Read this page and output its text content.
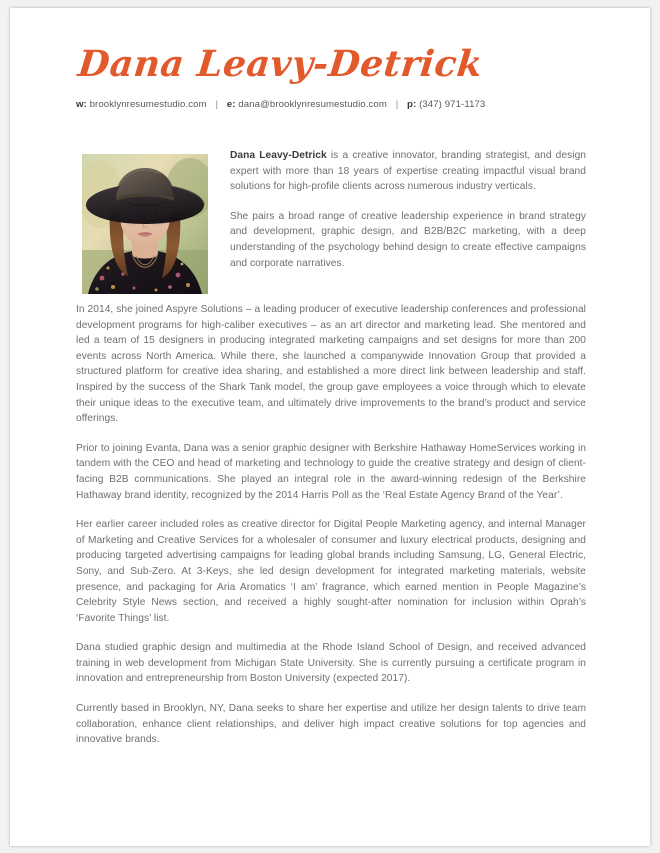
Dana Leavy-Detrick
w: brooklynresumestudio.com | e: dana@brooklynresumestudio.com | p: (347) 971-1173

Dana Leavy-Detrick is a creative innovator, branding strategist, and design expert with more than 18 years of expertise creating impactful visual brand solutions for high-profile clients across numerous industry verticals.

She pairs a broad range of creative leadership experience in brand strategy and development, graphic design, and B2B/B2C marketing, with a deep understanding of the psychology behind design to create effective campaigns and corporate narratives.

In 2014, she joined Aspyre Solutions – a leading producer of executive leadership conferences and professional development programs for high-caliber executives – as an art director and marketing lead. She mentored and led a team of 15 designers in producing integrated marketing campaigns and set designs for more than 200 events across North America. While there, she launched a companywide Innovation Group that provided a structured platform for creative idea sharing, and established a more direct link between leadership and staff. Inspired by the success of the Shark Tank model, the group gave employees a voice through which to elevate their unique ideas to the executive team, and ultimately drive improvements to the brand’s product and service offerings.

Prior to joining Evanta, Dana was a senior graphic designer with Berkshire Hathaway HomeServices working in tandem with the CEO and head of marketing and technology to guide the creative strategy and design of client-facing B2B communications. She played an integral role in the award-winning redesign of the Berkshire Hathaway brand identity, recognized by the 2014 Harris Poll as the ‘Real Estate Agency Brand of the Year’.

Her earlier career included roles as creative director for Digital People Marketing agency, and internal Manager of Marketing and Creative Services for a wholesaler of consumer and luxury electrical products, designing and producing targeted advertising campaigns for leading global brands including Samsung, LG, General Electric, Sony, and Sub-Zero. At 3-Keys, she led design development for integrated marketing materials, website presence, and packaging for Aria Aromatics ‘I am’ fragrance, which earned mention in People Magazine’s Celebrity Style News section, and received a highly sought-after nomination for inclusion within Oprah’s ‘Favorite Things’ list.

Dana studied graphic design and multimedia at the Rhode Island School of Design, and received advanced training in web development from Michigan State University. She is currently pursuing a certificate program in innovation and entrepreneurship from Boston University (expected 2017).

Currently based in Brooklyn, NY, Dana seeks to share her expertise and utilize her design talents to drive team collaboration, enhance client relationships, and deliver high impact creative solutions for top agencies and innovative brands.
